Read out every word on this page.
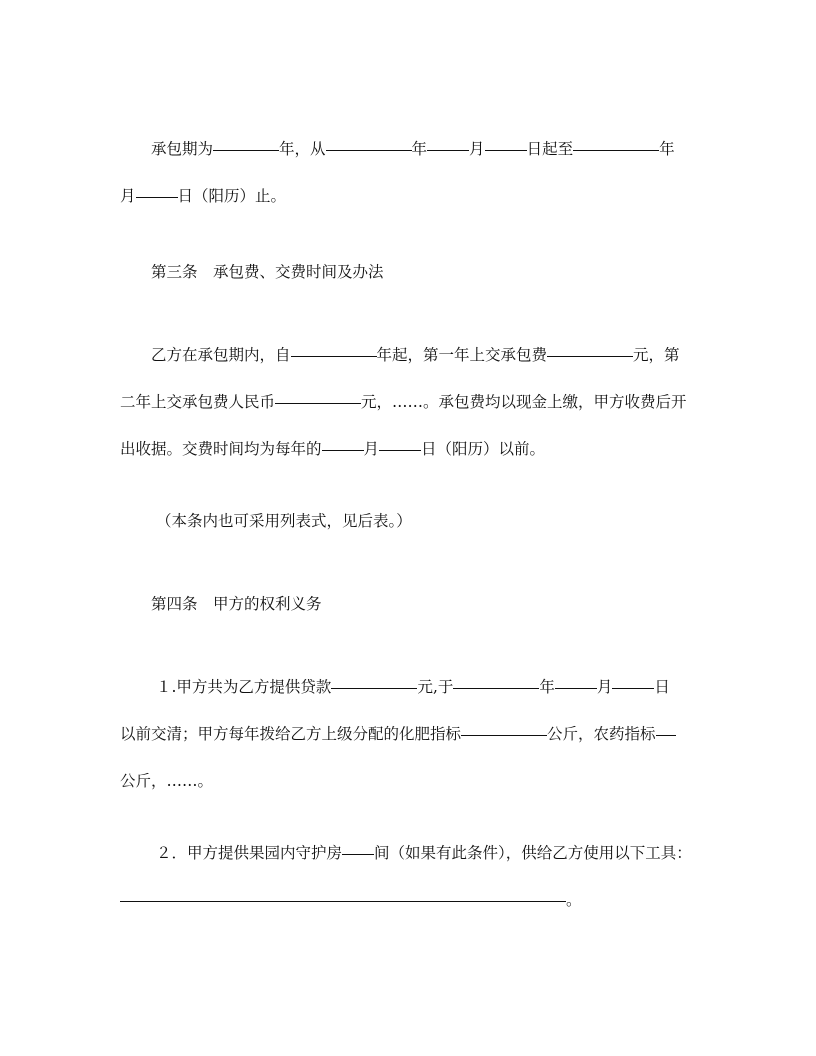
承包期为	年，从	年	月	日起至	年
月	日（阳历）止。
第三条　承包费、交费时间及办法
乙方在承包期内，自	年起，第一年上交承包费	元，第
二年上交承包费人民币	元，……。承包费均以现金上缴，甲方收费后开
出收据。交费时间均为每年的	月	日（阳历）以前。
（本条内也可采用列表式，见后表。）
第四条　甲方的权利义务
１.甲方共为乙方提供贷款	元,于	年	月	日
以前交清；甲方每年拨给乙方上级分配的化肥指标	公斤，农药指标
公斤，……。
２．甲方提供果园内守护房 间（如果有此条件），供给乙方使用以下工具：
。
